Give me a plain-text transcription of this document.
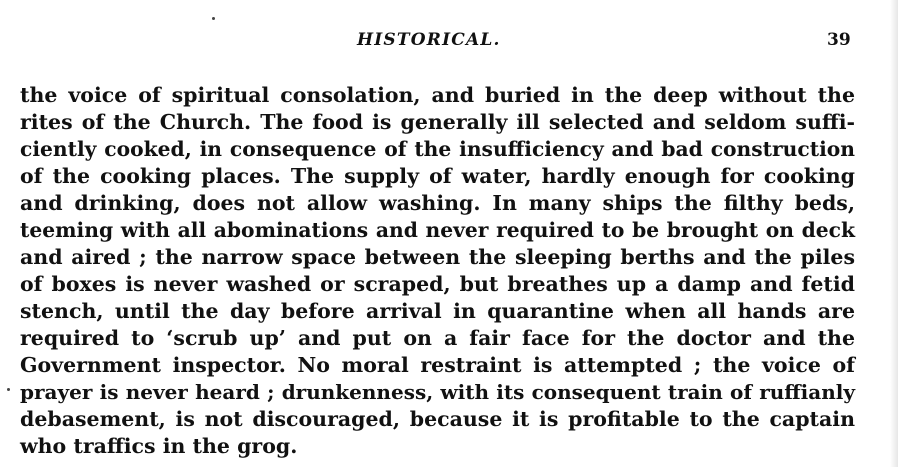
HISTORICAL.	39
the voice of spiritual consolation, and buried in the deep without the
rites of the Church. The food is generally ill selected and seldom suffi-
ciently cooked, in consequence of the insufficiency and bad construction
of the cooking places. The supply of water, hardly enough for cooking
and drinking, does not allow washing. In many ships the filthy beds,
teeming with all abominations and never required to be brought on deck
and aired ; the narrow space between the sleeping berths and the piles
of boxes is never washed or scraped, but breathes up a damp and fetid
stench, until the day before arrival in quarantine when all hands are
required to ‘scrub up’ and put on a fair face for the doctor and the
Government inspector. No moral restraint is attempted ; the voice of
prayer is never heard ; drunkenness, with its consequent train of ruffianly
debasement, is not discouraged, because it is profitable to the captain
who traffics in the grog.
